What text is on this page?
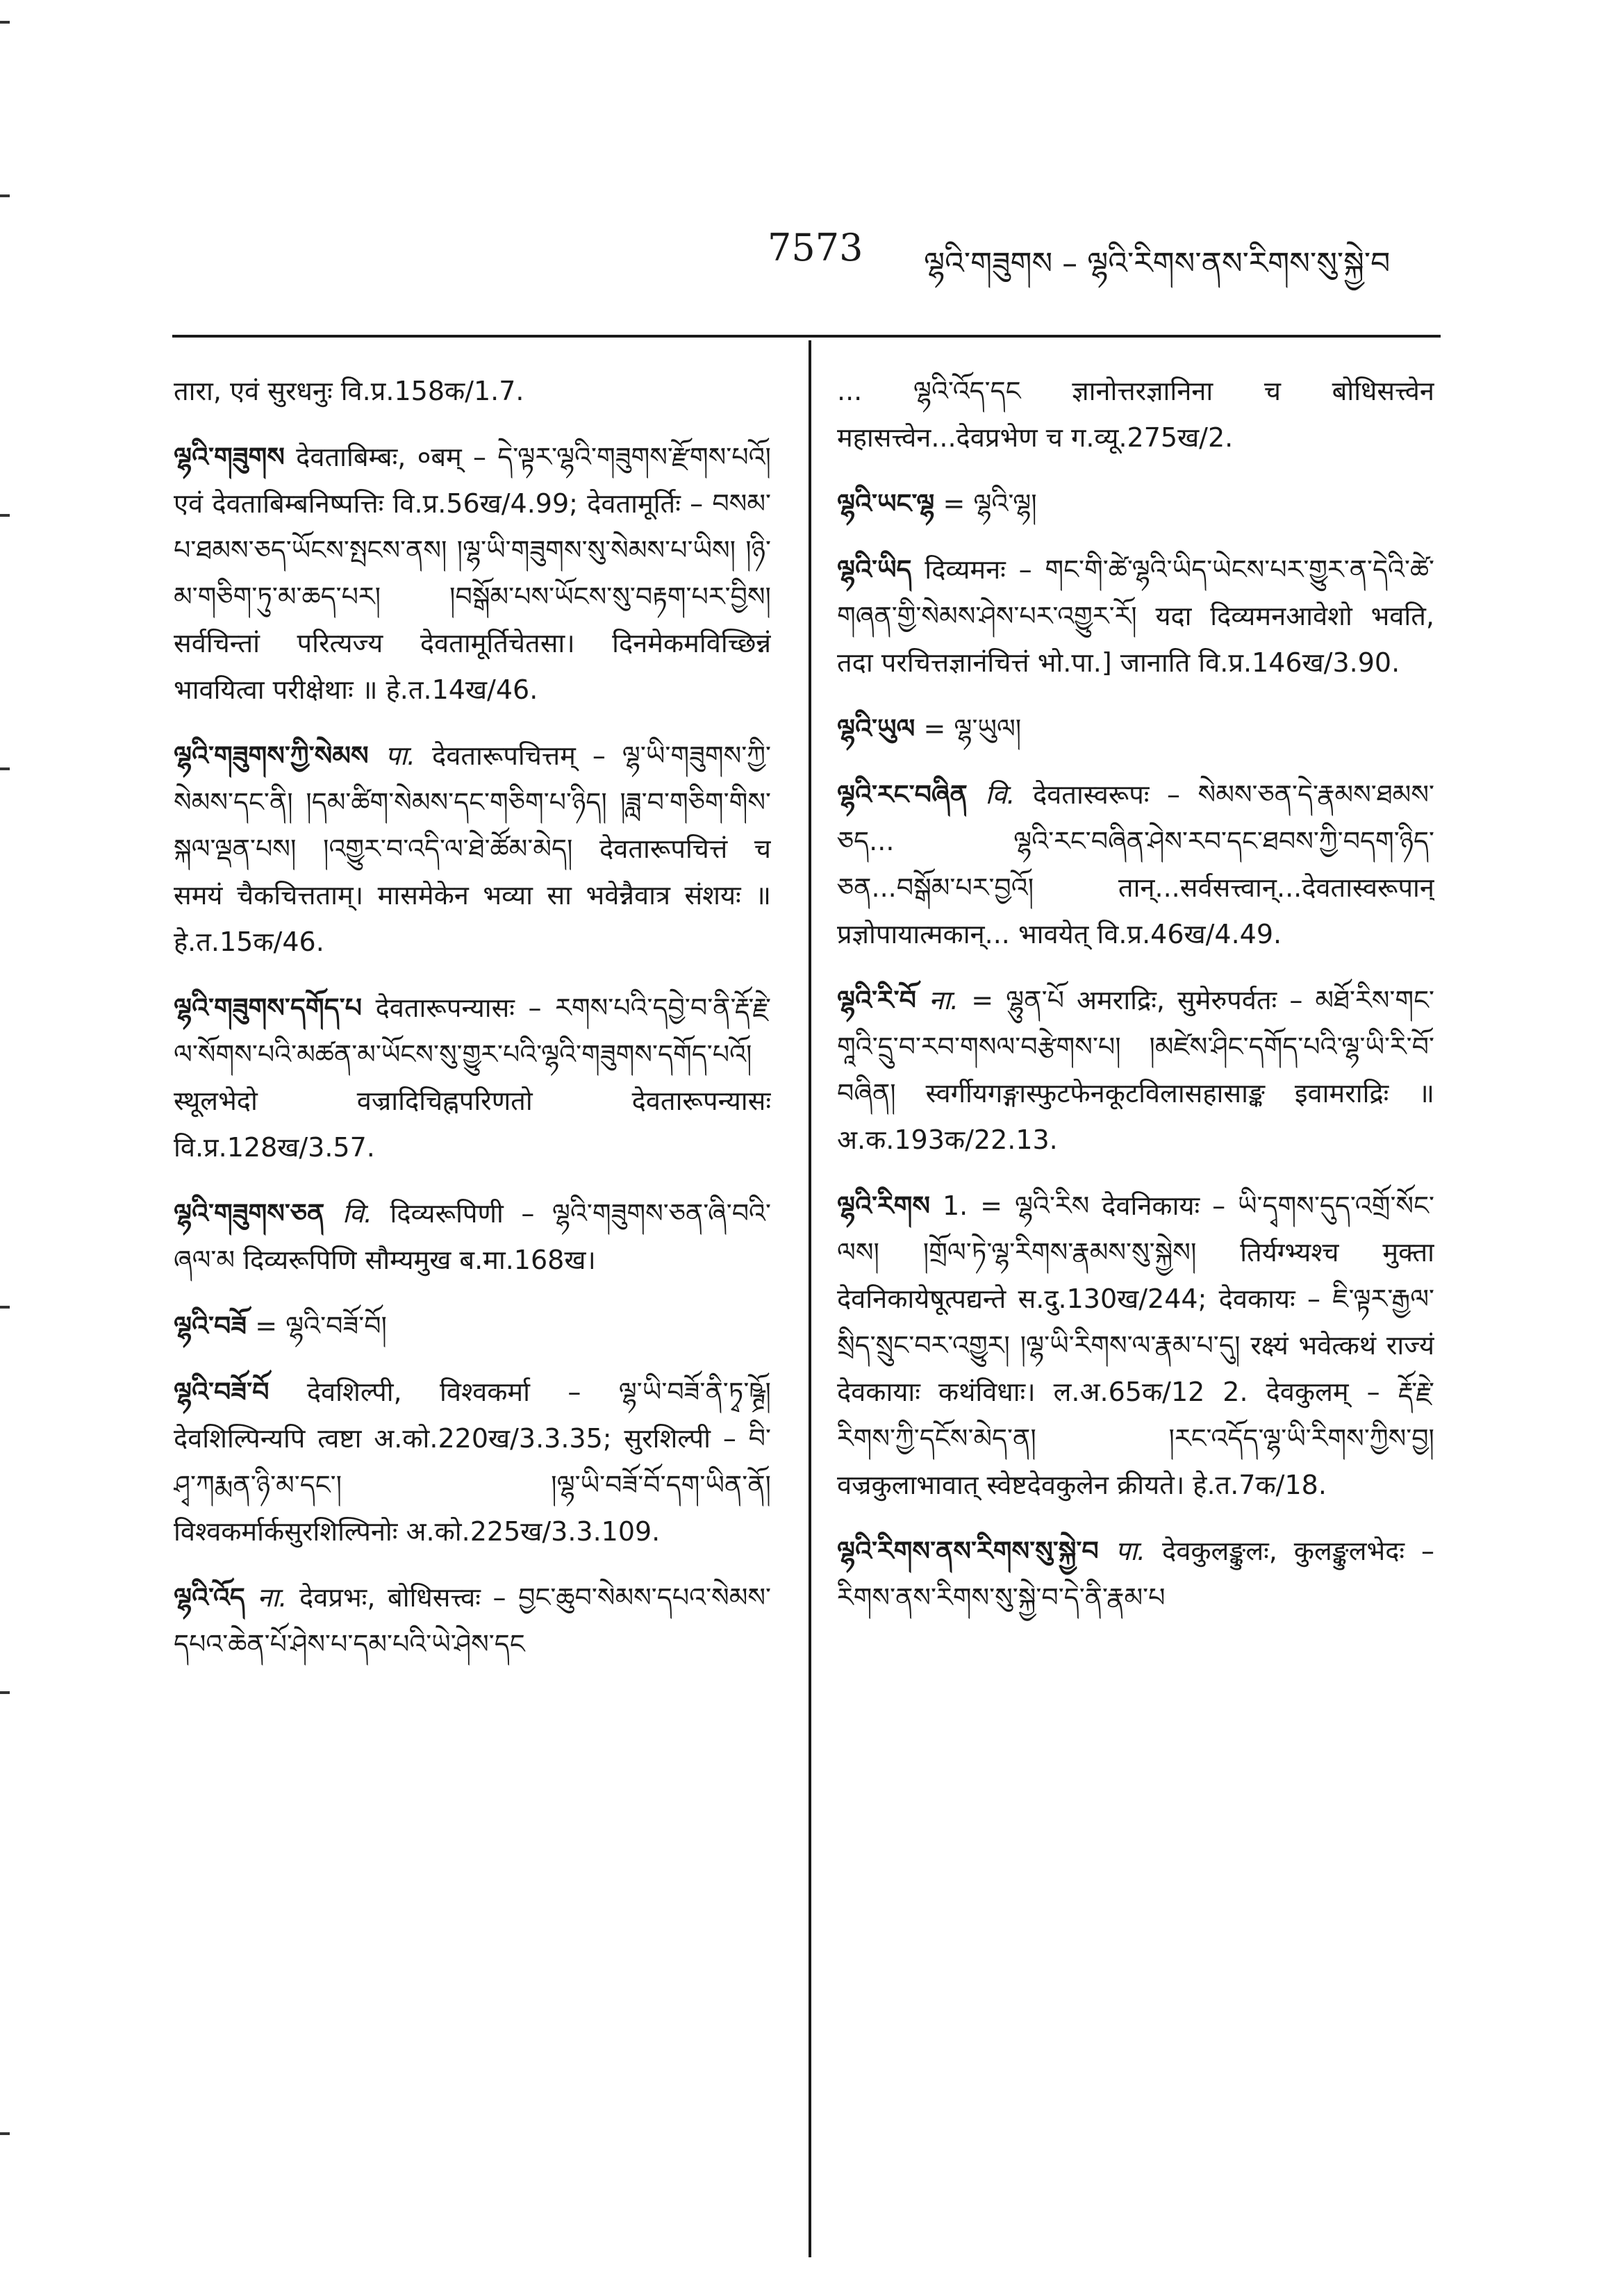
7573 ལྷའི་གཟུགས – ལྷའི་རིགས་ནས་རིགས་སུ་སྐྱེ་བ
तारा, एवं सुरधनुः वि.प्र.158क/1.7.
ལྷའི་གཟུགས देवताबिम्बः, ०बम् – དེ་ལྟར་ལྷའི་གཟུགས་རྫོགས་པའོ། एवं देवताबिम्बनिष्पत्तिः वि.प्र.56ख/4.99; देवतामूर्तिः – བསམ་པ་ཐམས་ཅད་ཡོངས་སྤངས་ནས། །ལྷ་ཡི་གཟུགས་སུ་སེམས་པ་ཡིས། །ཉི་མ་གཅིག་ཏུ་མ་ཆད་པར། །བསྒོམ་པས་ཡོངས་སུ་བརྟག་པར་བྱིས། सर्वचिन्तां परित्यज्य देवतामूर्तिचेतसा। दिनमेकमविच्छिन्नं भावयित्वा परीक्षेथाः ॥ हे.त.14ख/46.
ལྷའི་གཟུགས་ཀྱི་སེམས पा. देवतारूपचित्तम् – ལྷ་ཡི་གཟུགས་ཀྱི་སེམས་དང་ནི། །དམ་ཚིག་སེམས་དང་གཅིག་པ་ཉིད། །ཟླ་བ་གཅིག་གིས་སྐལ་ལྡན་པས། །འགྱུར་བ་འདི་ལ་ཐེ་ཚོམ་མེད། देवतारूपचित्तं च समयं चैकचित्तताम्। मासमेकेन भव्या सा भवेन्नैवात्र संशयः ॥ हे.त.15क/46.
ལྷའི་གཟུགས་དགོད་པ देवतारूपन्यासः – རགས་པའི་དབྱེ་བ་ནི་རྡོ་རྗེ་ལ་སོགས་པའི་མཚན་མ་ཡོངས་སུ་གྱུར་པའི་ལྷའི་གཟུགས་དགོད་པའོ། स्थूलभेदो वज्रादिचिह्नपरिणतो देवतारूपन्यासः वि.प्र.128ख/3.57.
ལྷའི་གཟུགས་ཅན वि. दिव्यरूपिणी – ལྷའི་གཟུགས་ཅན་ཞི་བའི་ཞལ་མ दिव्यरूपिणि सौम्यमुख ब.मा.168ख।
ལྷའི་བཟོ = ལྷའི་བཟོ་བོ།
ལྷའི་བཟོ་བོ देवशिल्पी, विश्वकर्मा – ལྷ་ཡི་བཟོ་ནི་ཏྭ་ཥྚྲོ། देवशिल्पिन्यपि त्वष्टा अ.को.220ख/3.3.35; सुरशिल्पी – བི་ཤྭ་ཀརྨན་ཉི་མ་དང་། །ལྷ་ཡི་བཟོ་བོ་དག་ཡིན་ནོ། विश्वकर्मार्कसुरशिल्पिनोः अ.को.225ख/3.3.109.
ལྷའི་འོད ना. देवप्रभः, बोधिसत्त्वः – བྱང་ཆུབ་སེམས་དཔའ་སེམས་དཔའ་ཆེན་པོ་ཤེས་པ་དམ་པའི་ཡེ་ཤེས་དང
... ལྷའི་འོད་དང ज्ञानोत्तरज्ञानिना च बोधिसत्त्वेन महासत्त्वेन...देवप्रभेण च ग.व्यू.275ख/2.
ལྷའི་ཡང་ལྷ = ལྷའི་ལྷ།
ལྷའི་ཡིད दिव्यमनः – གང་གི་ཚེ་ལྷའི་ཡིད་ཡེངས་པར་གྱུར་ན་དེའི་ཚེ་གཞན་གྱི་སེམས་ཤེས་པར་འགྱུར་རོ། यदा दिव्यमनआवेशो भवति, तदा परचित्तज्ञानंचित्तं भो.पा.] जानाति वि.प्र.146ख/3.90.
ལྷའི་ཡུལ = ལྷ་ཡུལ།
ལྷའི་རང་བཞིན वि. देवतास्वरूपः – སེམས་ཅན་དེ་རྣམས་ཐམས་ཅད... ལྷའི་རང་བཞིན་ཤེས་རབ་དང་ཐབས་ཀྱི་བདག་ཉིད་ཅན...བསྒོམ་པར་བྱའོ། तान्...सर्वसत्त्वान्...देवतास्वरूपान् प्रज्ञोपायात्मकान्... भावयेत् वि.प्र.46ख/4.49.
ལྷའི་རི་བོ ना. = ལྷུན་པོ अमराद्रिः, सुमेरुपर्वतः – མཐོ་རིས་གང་གཱའི་དྲུ་བ་རབ་གསལ་བརྩེགས་པ། །མཛེས་ཤིང་དགོད་པའི་ལྷ་ཡི་རི་བོ་བཞིན། स्वर्गीयगङ्गास्फुटफेनकूटविलासहासाङ्क इवामराद्रिः ॥ अ.क.193क/22.13.
ལྷའི་རིགས 1. = ལྷའི་རིས देवनिकायः – ཡི་དྭགས་དུད་འགྲོ་སོང་ལས། །གྲོལ་ཏེ་ལྷ་རིགས་རྣམས་སུ་སྐྱེས། तिर्यग्भ्यश्च मुक्ता देवनिकायेषूत्पद्यन्ते स.दु.130ख/244; देवकायः – ཇི་ལྟར་རྒྱལ་སྲིད་སྲུང་བར་འགྱུར། །ལྷ་ཡི་རིགས་ལ་རྣམ་པ་དུ། रक्ष्यं भवेत्कथं राज्यं देवकायाः कथंविधाः। ल.अ.65क/12 2. देवकुलम् – རྡོ་རྗེ་རིགས་ཀྱི་དངོས་མེད་ན། །རང་འདོད་ལྷ་ཡི་རིགས་ཀྱིས་བྱ། वज्रकुलाभावात् स्वेष्टदेवकुलेन क्रीयते। हे.त.7क/18.
ལྷའི་རིགས་ནས་རིགས་སུ་སྐྱེ་བ पा. देवकुलङ्कुलः, कुलङ्कुलभेदः – རིགས་ནས་རིགས་སུ་སྐྱེ་བ་དེ་ནི་རྣམ་པ
